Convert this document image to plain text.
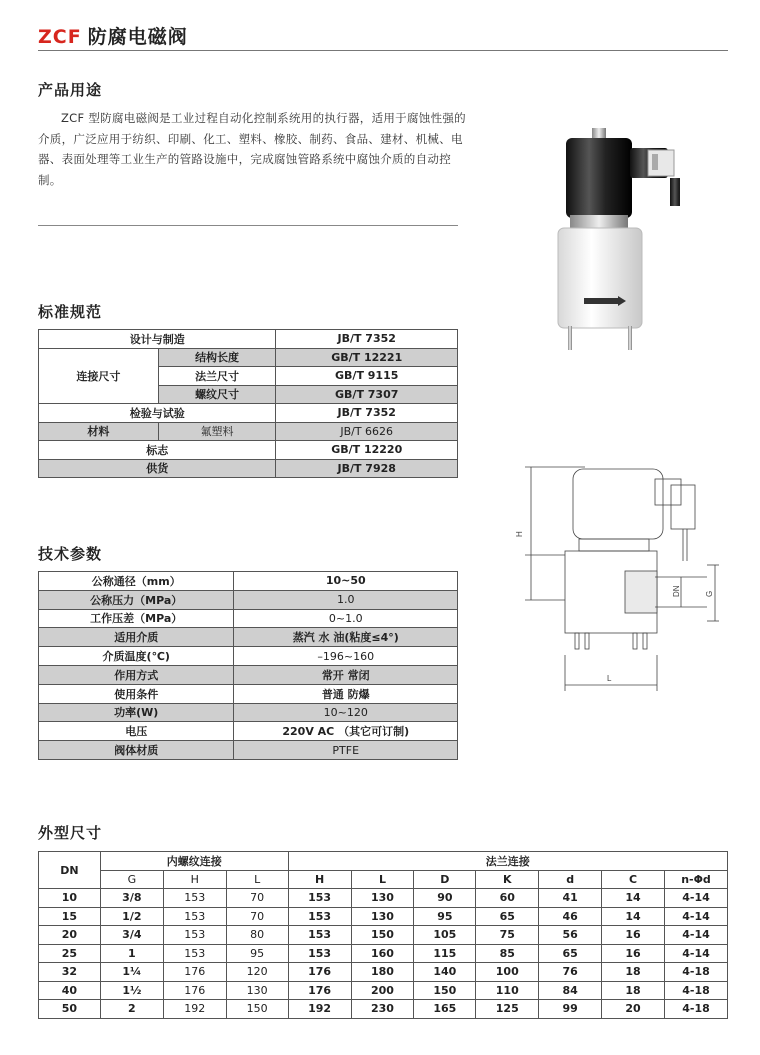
ZCF 防腐电磁阀
产品用途
ZCF 型防腐电磁阀是工业过程自动化控制系统用的执行器，适用于腐蚀性强的介质，广泛应用于纺织、印刷、化工、塑料、橡胶、制药、食品、建材、机械、电器、表面处理等工业生产的管路设施中，完成腐蚀管路系统中腐蚀介质的自动控制。
标准规范
设计与制造		JB/T 7352
连接尺寸	结构长度	GB/T 12221
	法兰尺寸	GB/T 9115
	螺纹尺寸	GB/T 7307
检验与试验		JB/T 7352
材料	氟塑料	JB/T 6626
标志		GB/T 12220
供货		JB/T 7928
H
DN	G
L
技术参数
公称通径（mm）	10~50
公称压力（MPa）	1.0
工作压差（MPa）	0~1.0
适用介质	蒸汽 水 油(粘度≤4°)
介质温度(℃)	–196~160
作用方式	常开 常闭
使用条件	普通 防爆
功率(W)	10~120
电压	220V AC （其它可订制)
阀体材质	PTFE
外型尺寸
DN	内螺纹连接			法兰连接						
	G	H	L	H	L	D	K	d	C	n-Φd
10	3/8	153	70	153	130	90	60	41	14	4-14
15	1/2	153	70	153	130	95	65	46	14	4-14
20	3/4	153	80	153	150	105	75	56	16	4-14
25	1	153	95	153	160	115	85	65	16	4-14
32	1¼	176	120	176	180	140	100	76	18	4-18
40	1½	176	130	176	200	150	110	84	18	4-18
50	2	192	150	192	230	165	125	99	20	4-18
